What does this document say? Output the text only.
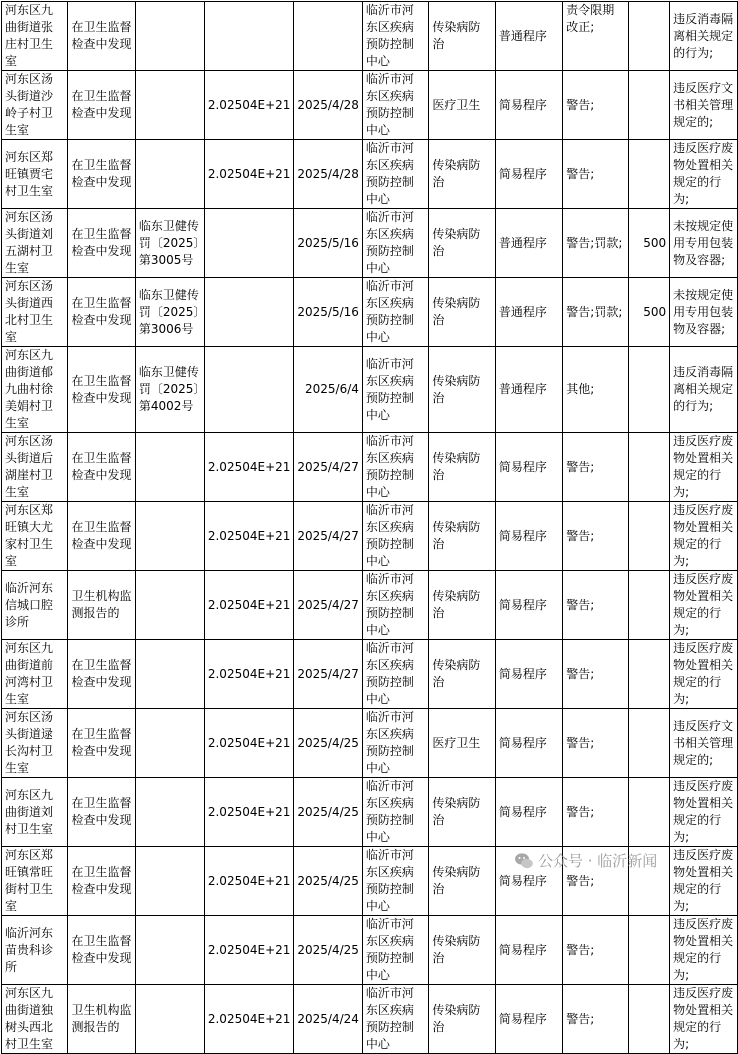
河东区九曲街道张庄村卫生室	在卫生监督检查中发现				临沂市河东区疾病预防控制中心	传染病防治	普通程序	责令限期改正;		违反消毒隔离相关规定的行为;
河东区汤头街道沙岭子村卫生室	在卫生监督检查中发现		2.02504E+21	2025/4/28	临沂市河东区疾病预防控制中心	医疗卫生	简易程序	警告;		违反医疗文书相关管理规定的;
河东区郑旺镇贾宅村卫生室	在卫生监督检查中发现		2.02504E+21	2025/4/28	临沂市河东区疾病预防控制中心	传染病防治	简易程序	警告;		违反医疗废物处置相关规定的行为;
河东区汤头街道刘五湖村卫生室	在卫生监督检查中发现	临东卫健传罚〔2025〕第3005号		2025/5/16	临沂市河东区疾病预防控制中心	传染病防治	普通程序	警告;罚款;	500	未按规定使用专用包装物及容器;
河东区汤头街道西北村卫生室	在卫生监督检查中发现	临东卫健传罚〔2025〕第3006号		2025/5/16	临沂市河东区疾病预防控制中心	传染病防治	普通程序	警告;罚款;	500	未按规定使用专用包装物及容器;
河东区九曲街道郁九曲村徐美娟村卫生室	在卫生监督检查中发现	临东卫健传罚〔2025〕第4002号		2025/6/4	临沂市河东区疾病预防控制中心	传染病防治	普通程序	其他;		违反消毒隔离相关规定的行为;
河东区汤头街道后湖崖村卫生室	在卫生监督检查中发现		2.02504E+21	2025/4/27	临沂市河东区疾病预防控制中心	传染病防治	简易程序	警告;		违反医疗废物处置相关规定的行为;
河东区郑旺镇大尤家村卫生室	在卫生监督检查中发现		2.02504E+21	2025/4/27	临沂市河东区疾病预防控制中心	传染病防治	简易程序	警告;		违反医疗废物处置相关规定的行为;
临沂河东信城口腔诊所	卫生机构监测报告的		2.02504E+21	2025/4/27	临沂市河东区疾病预防控制中心	传染病防治	简易程序	警告;		违反医疗废物处置相关规定的行为;
河东区九曲街道前河湾村卫生室	在卫生监督检查中发现		2.02504E+21	2025/4/27	临沂市河东区疾病预防控制中心	传染病防治	简易程序	警告;		违反医疗废物处置相关规定的行为;
河东区汤头街道逯长沟村卫生室	在卫生监督检查中发现		2.02504E+21	2025/4/25	临沂市河东区疾病预防控制中心	医疗卫生	简易程序	警告;		违反医疗文书相关管理规定的;
河东区九曲街道刘村卫生室	在卫生监督检查中发现		2.02504E+21	2025/4/25	临沂市河东区疾病预防控制中心	传染病防治	简易程序	警告;		违反医疗废物处置相关规定的行为;
河东区郑旺镇常旺街村卫生室	在卫生监督检查中发现		2.02504E+21	2025/4/25	临沂市河东区疾病预防控制中心	传染病防治	简易程序	警告;		违反医疗废物处置相关规定的行为;
临沂河东苗贵科诊所	在卫生监督检查中发现		2.02504E+21	2025/4/25	临沂市河东区疾病预防控制中心	传染病防治	简易程序	警告;		违反医疗废物处置相关规定的行为;
河东区九曲街道独树头西北村卫生室	卫生机构监测报告的		2.02504E+21	2025/4/24	临沂市河东区疾病预防控制中心	传染病防治	简易程序	警告;		违反医疗废物处置相关规定的行为;
公众号 · 临沂新闻
